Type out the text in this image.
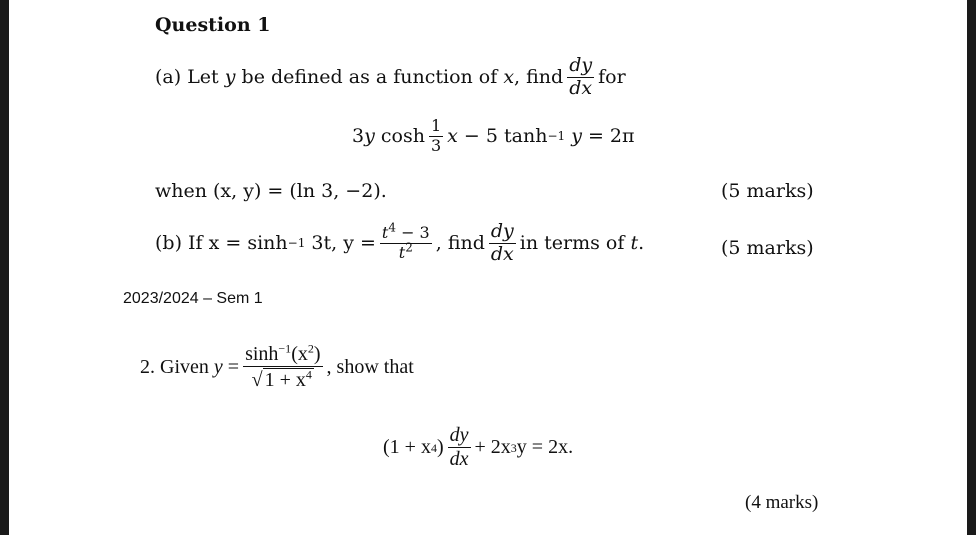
Question 1
(a) Let
y
be defined as a function of
x , find $\frac{dy}{dx}$ for
3 y
$\cosh \frac{1}{3}$ x
− 5 tanh −1
y
= 2π
when (x, y) = (ln 3, −2).	(5 marks)
(b) If
x = sinh −1
3t, $y = \frac{t^4 - 3}{t^2}$ , find $\frac{dy}{dx}$ in terms of
t .	(5 marks)
2023/2024 – Sem 1
2. Given
y
= $\frac{\sinh^{-1}(x^2)}{√ 1 + x^4}$ , show that
(1 + x 4 ) $\frac{dy}{dx} + 2x$ 3 y = 2x.
(4 marks)
